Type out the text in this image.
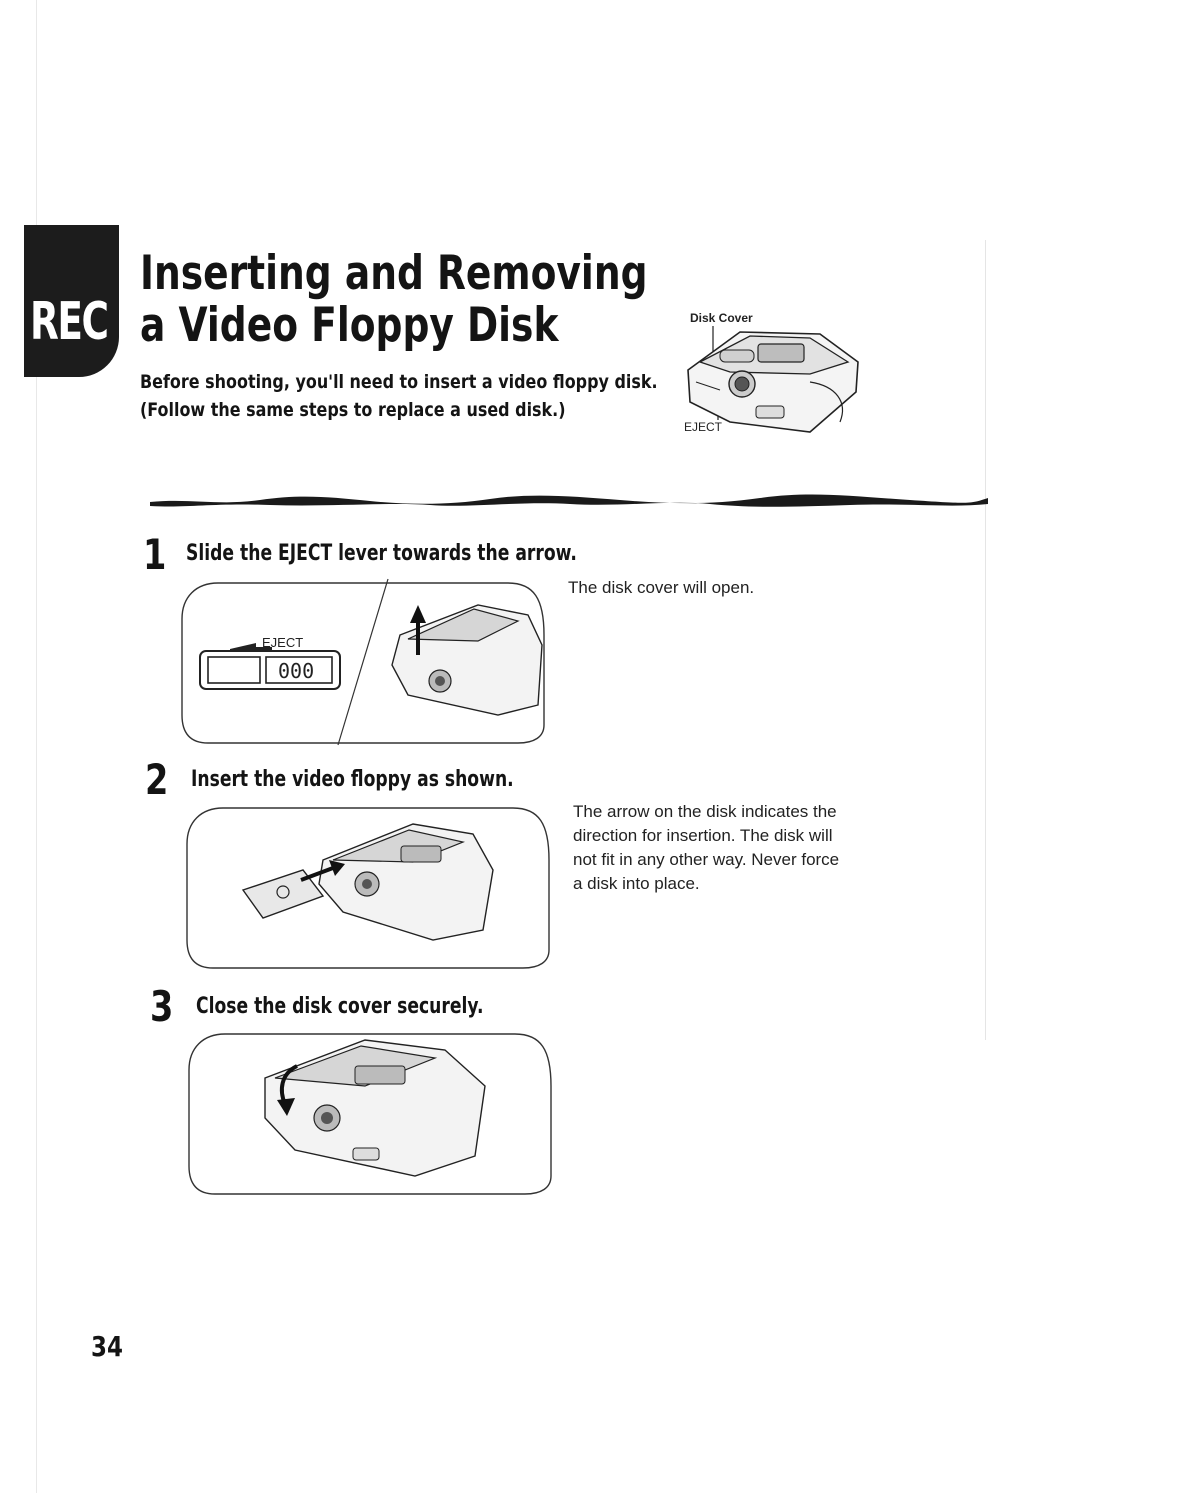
REC
Inserting and Removing
a Video Floppy Disk

Before shooting, you'll need to insert a video floppy disk.
(Follow the same steps to replace a used disk.)

Disk Cover
EJECT
1 Slide the EJECT lever towards the arrow.

The disk cover will open.

000
EJECT
2 Insert the video floppy as shown.

The arrow on the disk indicates the
direction for insertion. The disk will
not fit in any other way. Never force
a disk into place.

3 Close the disk cover securely.
34
